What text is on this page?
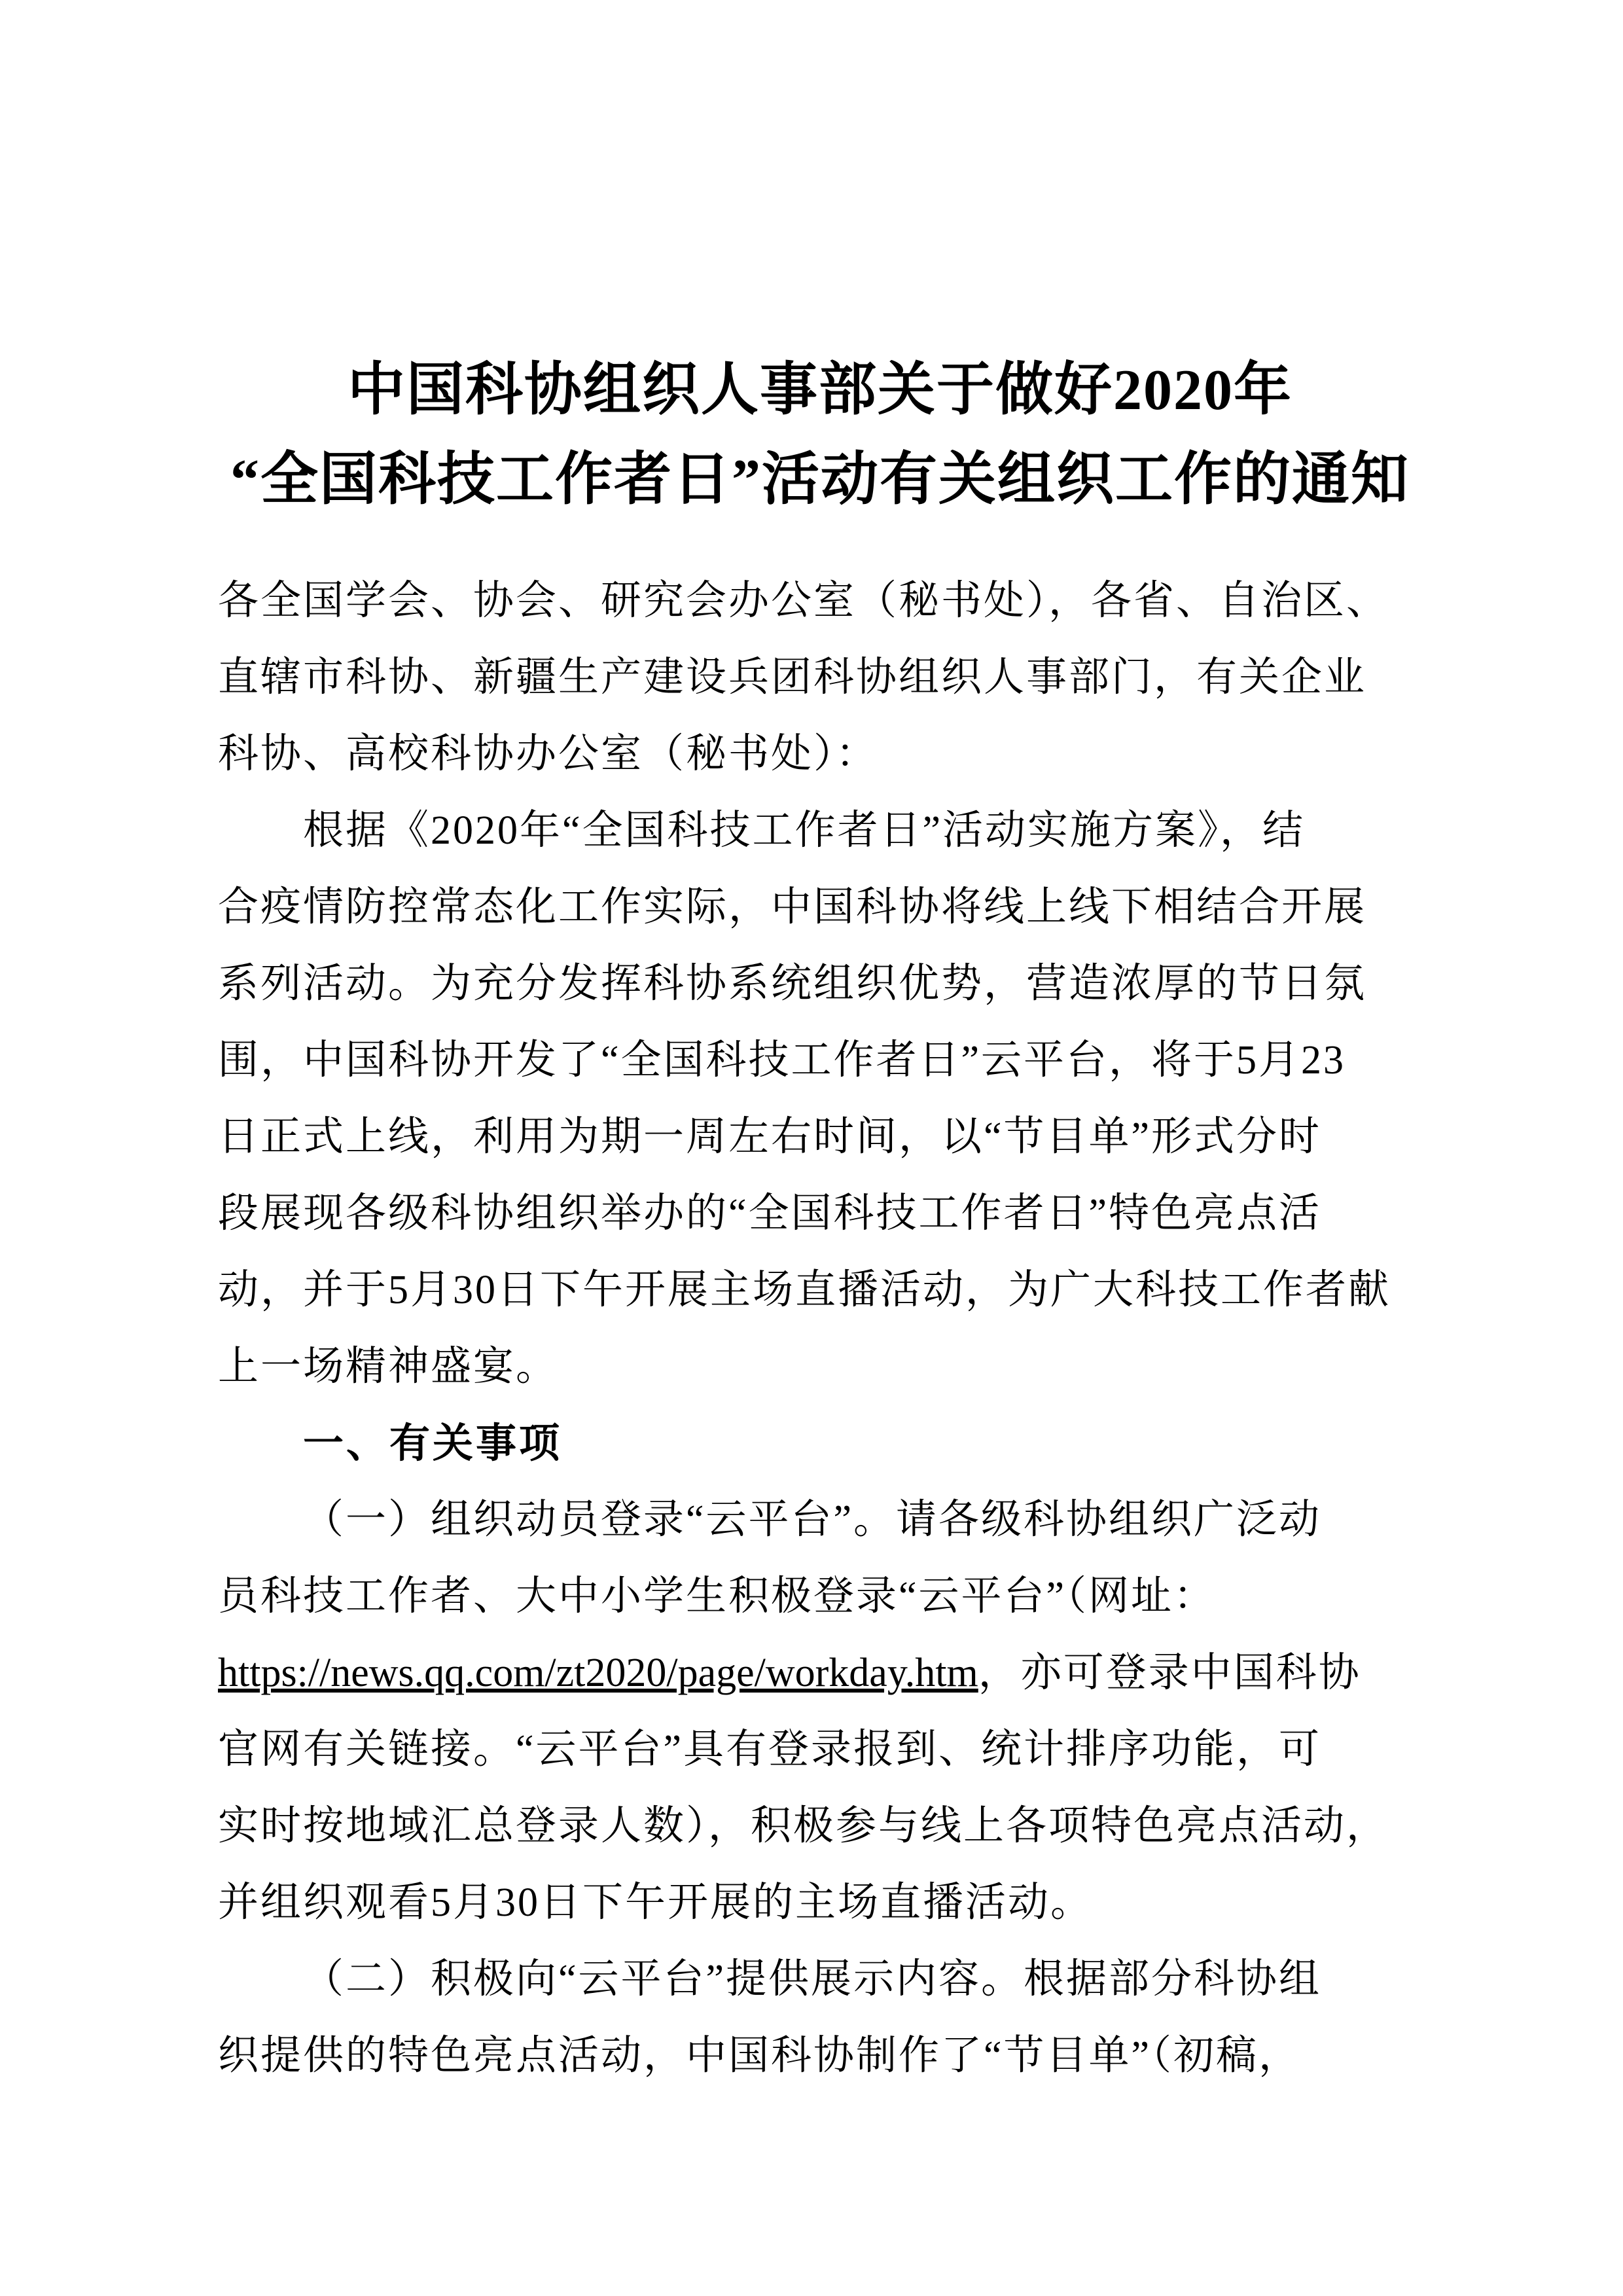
中国科协组织人事部关于做好2020年
“全国科技工作者日”活动有关组织工作的通知
各全国学会、协会、研究会办公室（秘书处），各省、自治区、
直辖市科协、新疆生产建设兵团科协组织人事部门，有关企业
科协、高校科协办公室（秘书处）：
根据《2020年“全国科技工作者日”活动实施方案》，结
合疫情防控常态化工作实际，中国科协将线上线下相结合开展
系列活动。为充分发挥科协系统组织优势，营造浓厚的节日氛
围，中国科协开发了“全国科技工作者日”云平台，将于5月23
日正式上线，利用为期一周左右时间，以“节目单”形式分时
段展现各级科协组织举办的“全国科技工作者日”特色亮点活
动，并于5月30日下午开展主场直播活动，为广大科技工作者献
上一场精神盛宴。
一、有关事项
（一）组织动员登录“云平台”。请各级科协组织广泛动
员科技工作者、大中小学生积极登录“云平台”（网址：
https://news.qq.com/zt2020/page/workday.htm，亦可登录中国科协
官网有关链接。“云平台”具有登录报到、统计排序功能，可
实时按地域汇总登录人数），积极参与线上各项特色亮点活动，
并组织观看5月30日下午开展的主场直播活动。
（二）积极向“云平台”提供展示内容。根据部分科协组
织提供的特色亮点活动，中国科协制作了“节目单”（初稿，
